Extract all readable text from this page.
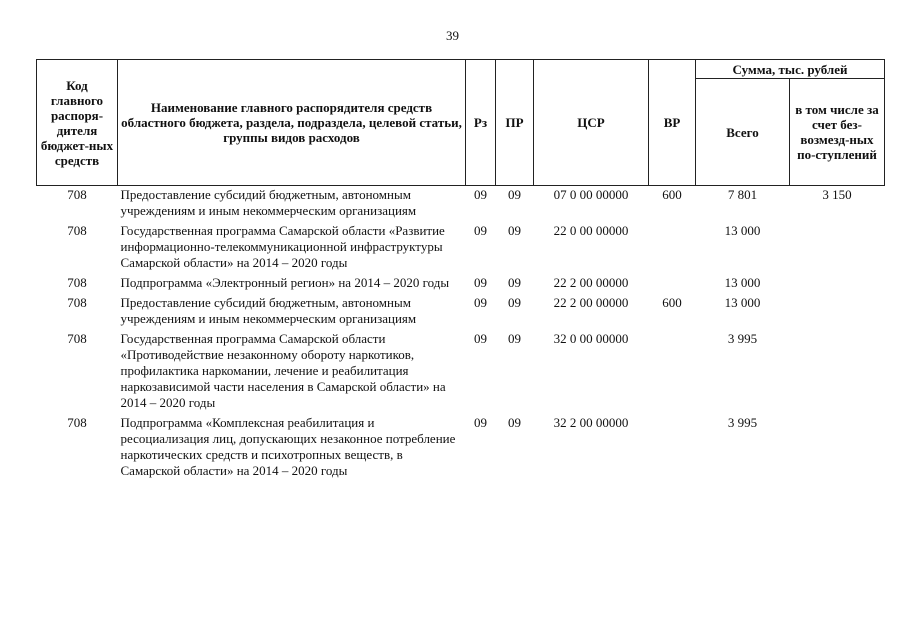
39
Код главного распоря-дителя бюджет-ных средств	Наименование главного распорядителя средств областного бюджета, раздела, подраздела, целевой статьи, группы видов расходов	Рз	ПР	ЦСР	ВР	Сумма, тыс. рублей	
						Всего	в том числе за счет без-возмезд-ных по-ступлений
708	Предоставление субсидий бюджетным, автономным учреждениям и иным некоммерческим организациям	09	09	07 0 00 00000	600	7 801	3 150
708	Государственная программа Самарской области «Развитие информационно-телекоммуникационной инфраструктуры Самарской области» на 2014 – 2020 годы	09	09	22 0 00 00000		13 000	
708	Подпрограмма «Электронный регион» на 2014 – 2020 годы	09	09	22 2 00 00000		13 000	
708	Предоставление субсидий бюджетным, автономным учреждениям и иным некоммерческим организациям	09	09	22 2 00 00000	600	13 000	
708	Государственная программа Самарской области «Противодействие незаконному обороту наркотиков, профилактика наркомании, лечение и реабилитация наркозависимой части населения в Самарской области» на 2014 – 2020 годы	09	09	32 0 00 00000		3 995	
708	Подпрограмма «Комплексная реабилитация и ресоциализация лиц, допускающих незаконное потребление наркотических средств и психотропных веществ, в Самарской области» на 2014 – 2020 годы	09	09	32 2 00 00000		3 995	
